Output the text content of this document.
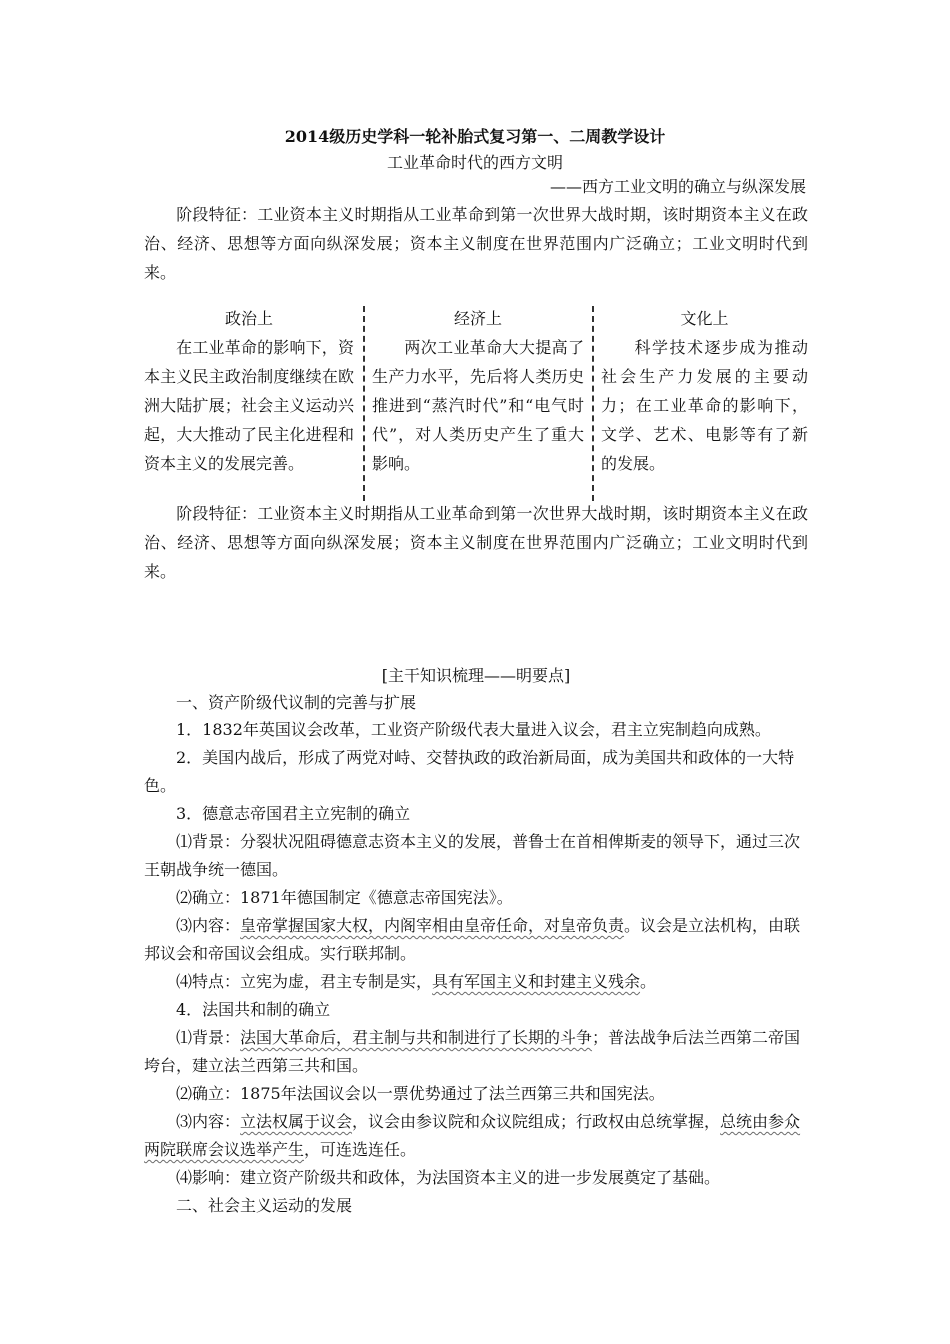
2014级历史学科一轮补胎式复习第一、二周教学设计
工业革命时代的西方文明
——西方工业文明的确立与纵深发展
阶段特征：工业资本主义时期指从工业革命到第一次世界大战时期，该时期资本主义在政治、经济、思想等方面向纵深发展；资本主义制度在世界范围内广泛确立；工业文明时代到来。
政治上
在工业革命的影响下，资本主义民主政治制度继续在欧洲大陆扩展；社会主义运动兴起，大大推动了民主化进程和资本主义的发展完善。
经济上
两次工业革命大大提高了生产力水平，先后将人类历史推进到“蒸汽时代”和“电气时代”，对人类历史产生了重大影响。
文化上
科学技术逐步成为推动社会生产力发展的主要动力；在工业革命的影响下，文学、艺术、电影等有了新的发展。
阶段特征：工业资本主义时期指从工业革命到第一次世界大战时期，该时期资本主义在政治、经济、思想等方面向纵深发展；资本主义制度在世界范围内广泛确立；工业文明时代到来。
[主干知识梳理——明要点]
一、资产阶级代议制的完善与扩展
1．1832年英国议会改革，工业资产阶级代表大量进入议会，君主立宪制趋向成熟。
2．美国内战后，形成了两党对峙、交替执政的政治新局面，成为美国共和政体的一大特色。
3．德意志帝国君主立宪制的确立
⑴背景：分裂状况阻碍德意志资本主义的发展，普鲁士在首相俾斯麦的领导下，通过三次王朝战争统一德国。
⑵确立：1871年德国制定《德意志帝国宪法》。
⑶内容：皇帝掌握国家大权，内阁宰相由皇帝任命，对皇帝负责。议会是立法机构，由联邦议会和帝国议会组成。实行联邦制。
⑷特点：立宪为虚，君主专制是实，具有军国主义和封建主义残余。
4．法国共和制的确立
⑴背景：法国大革命后，君主制与共和制进行了长期的斗争；普法战争后法兰西第二帝国垮台，建立法兰西第三共和国。
⑵确立：1875年法国议会以一票优势通过了法兰西第三共和国宪法。
⑶内容：立法权属于议会，议会由参议院和众议院组成；行政权由总统掌握，总统由参众两院联席会议选举产生，可连选连任。
⑷影响：建立资产阶级共和政体，为法国资本主义的进一步发展奠定了基础。
二、社会主义运动的发展
